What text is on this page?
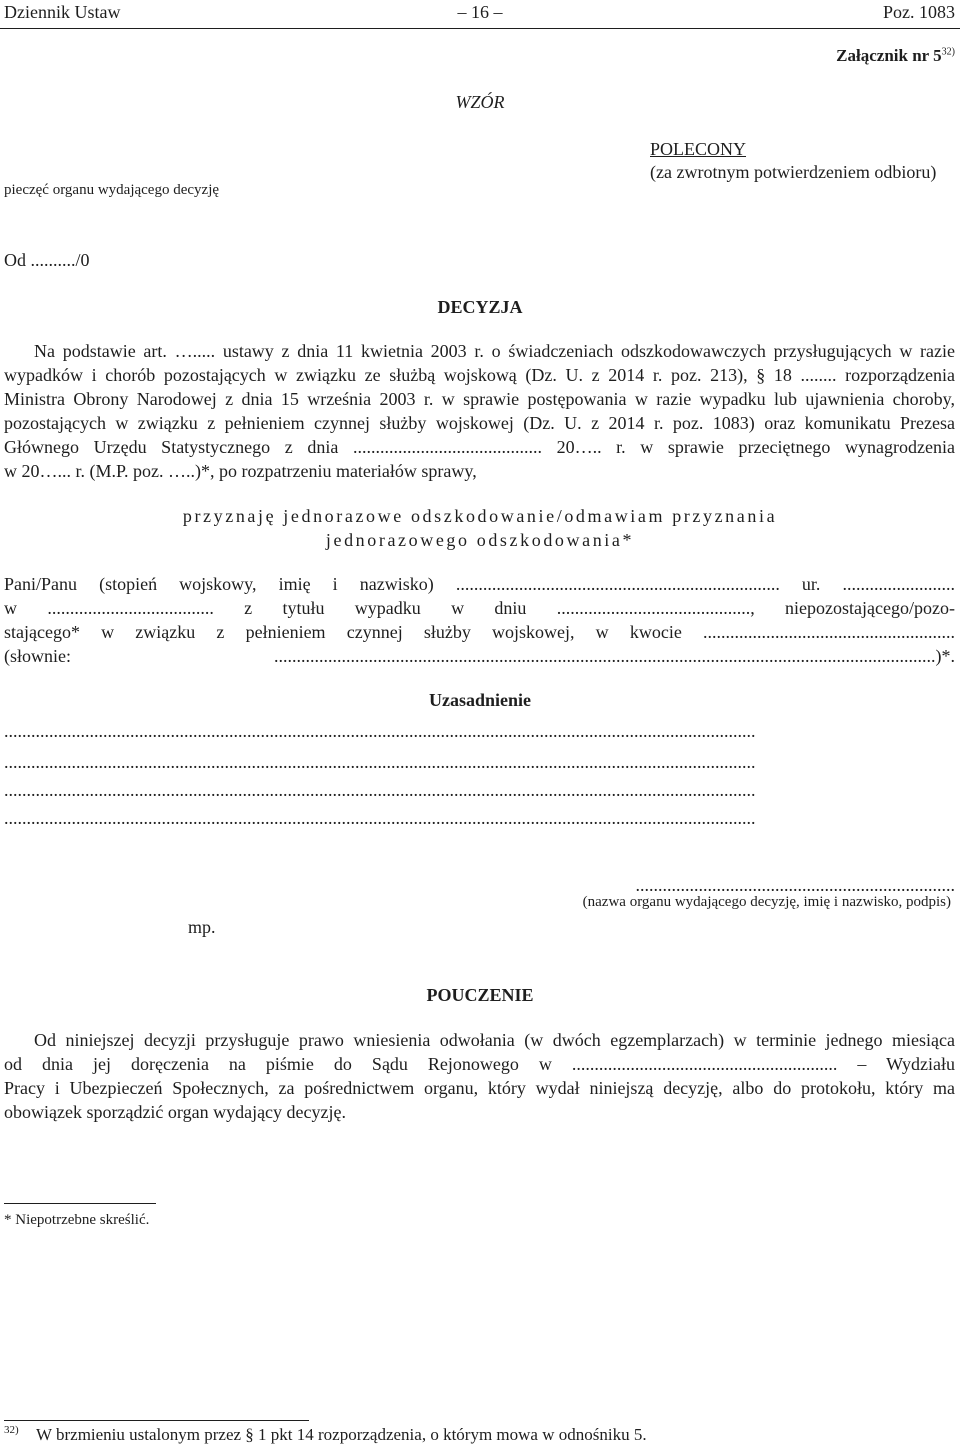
Dziennik Ustaw	– 16 –	Poz. 1083
Załącznik nr 5$^{32)}$
WZÓR
POLECONY
(za zwrotnym potwierdzeniem odbioru)
pieczęć organu wydającego decyzję
Od ........../0
DECYZJA
Na podstawie art. …..... ustawy z dnia 11 kwietnia 2003 r. o świadczeniach odszkodowawczych przysługujących w razie
wypadków i chorób pozostających w związku ze służbą wojskową (Dz. U. z 2014 r. poz. 213), § 18 ........ rozporządzenia
Ministra Obrony Narodowej z dnia 15 września 2003 r. w sprawie postępowania w razie wypadku lub ujawnienia choroby,
pozostających w związku z pełnieniem czynnej służby wojskowej (Dz. U. z 2014 r. poz. 1083) oraz komunikatu Prezesa
Głównego Urzędu Statystycznego z dnia .......................................... 20….. r. w sprawie przeciętnego wynagrodzenia
w 20…... r. (M.P. poz. …..)*, po rozpatrzeniu materiałów sprawy,
przyznaję jednorazowe odszkodowanie/odmawiam przyznania
jednorazowego odszkodowania*
Pani/Panu (stopień wojskowy, imię i nazwisko) ........................................................................ ur. .........................
w ..................................... z tytułu wypadku w dniu ..........................................., niepozostającego/pozo-
stającego* w związku z pełnieniem czynnej służby wojskowej, w kwocie ........................................................
(słownie: ...................................................................................................................................................)*.
Uzasadnienie
.......................................................................................................................................................................
.......................................................................................................................................................................
.......................................................................................................................................................................
.......................................................................................................................................................................
.......................................................................
(nazwa organu wydającego decyzję, imię i nazwisko, podpis)
mp.
POUCZENIE
Od niniejszej decyzji przysługuje prawo wniesienia odwołania (w dwóch egzemplarzach) w terminie jednego miesiąca
od dnia jej doręczenia na piśmie do Sądu Rejonowego w ........................................................... – Wydziału
Pracy i Ubezpieczeń Społecznych, za pośrednictwem organu, który wydał niniejszą decyzję, albo do protokołu, który ma
obowiązek sporządzić organ wydający decyzję.
* Niepotrzebne skreślić.
32) W brzmieniu ustalonym przez § 1 pkt 14 rozporządzenia, o którym mowa w odnośniku 5.
